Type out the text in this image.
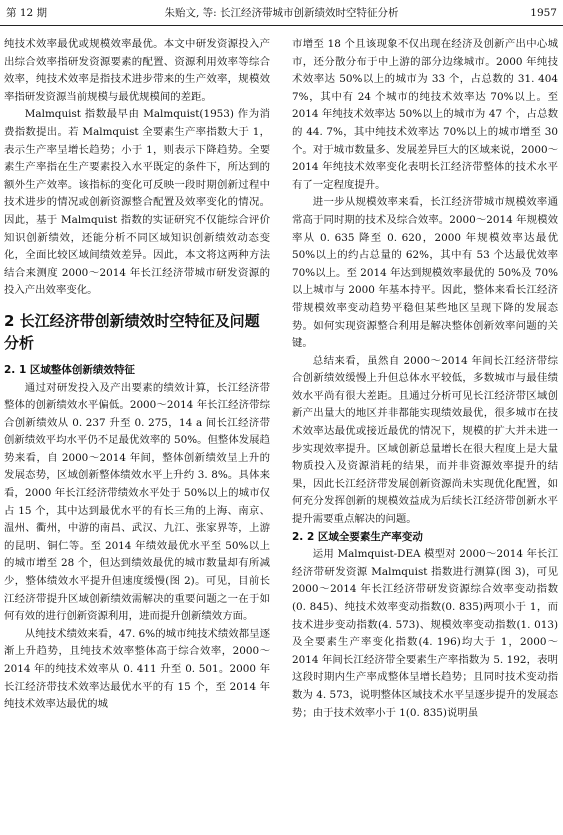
第 12 期	朱贻文, 等: 长江经济带城市创新绩效时空特征分析	1957

纯技术效率最优或规模效率最优。本文中研发资源投入产出综合效率指研发资源要素的配置、资源利用效率等综合效率，纯技术效率是指技术进步带来的生产效率，规模效率指研发资源当前规模与最优规模间的差距。

Malmquist 指数最早由 Malmquist(1953) 作为消费指数提出。若 Malmquist 全要素生产率指数大于 1，表示生产率呈增长趋势；小于 1，则表示下降趋势。全要素生产率指在生产要素投入水平既定的条件下，所达到的额外生产效率。该指标的变化可反映一段时期创新过程中技术进步的情况或创新资源整合配置及效率变化的情况。因此，基于 Malmquist 指数的实证研究不仅能综合评价知识创新绩效，还能分析不同区域知识创新绩效动态变化，全面比较区域间绩效差异。因此，本文将这两种方法结合来测度 2000～2014 年长江经济带城市研发资源的投入产出效率变化。

2 长江经济带创新绩效时空特征及问题分析
2. 1 区域整体创新绩效特征

通过对研发投入及产出要素的绩效计算，长江经济带整体的创新绩效水平偏低。2000～2014 年长江经济带综合创新绩效从 0. 237 升至 0. 275，14 a 间长江经济带创新绩效平均水平仍不足最优效率的 50%。但整体发展趋势来看，自 2000～2014 年间，整体创新绩效呈上升的发展态势，区域创新整体绩效水平上升约 3. 8%。具体来看，2000 年长江经济带绩效水平处于 50%以上的城市仅占 15 个，其中达到最优水平的有长三角的上海、南京、温州、衢州，中游的南昌、武汉、九江、张家界等，上游的昆明、铜仁等。至 2014 年绩效最优水平至 50%以上的城市增至 28 个，但达到绩效最优的城市数量却有所减少，整体绩效水平提升但速度缓慢(图 2)。可见，目前长江经济带提升区域创新绩效需解决的重要问题之一在于如何有效的进行创新资源利用，进而提升创新绩效方面。

从纯技术绩效来看，47. 6%的城市纯技术绩效都呈逐渐上升趋势，且纯技术效率整体高于综合效率，2000～2014 年的纯技术效率从 0. 411 升至 0. 501。2000 年长江经济带技术效率达最优水平的有 15 个，至 2014 年纯技术效率达最优的城

市增至 18 个且该现象不仅出现在经济及创新产出中心城市，还分散分布于中上游的部分边缘城市。2000 年纯技术效率达 50%以上的城市为 33 个，占总数的 31. 404 7%，其中有 24 个城市的纯技术效率达 70%以上。至 2014 年纯技术效率达 50%以上的城市为 47 个，占总数的 44. 7%，其中纯技术效率达 70%以上的城市增至 30 个。对于城市数量多、发展差异巨大的区域来说，2000～2014 年纯技术效率变化表明长江经济带整体的技术水平有了一定程度提升。

进一步从规模效率来看，长江经济带城市规模效率通常高于同时期的技术及综合效率。2000～2014 年规模效率从 0. 635 降至 0. 620，2000 年规模效率达最优 50%以上的约占总量的 62%，其中有 53 个达最优效率 70%以上。至 2014 年达到规模效率最优的 50%及 70%以上城市与 2000 年基本持平。因此，整体来看长江经济带规模效率变动趋势平稳但某些地区呈现下降的发展态势。如何实现资源整合利用是解决整体创新效率问题的关键。

总结来看，虽然自 2000～2014 年间长江经济带综合创新绩效缓慢上升但总体水平较低，多数城市与最佳绩效水平尚有很大差距。且通过分析可见长江经济带区域创新产出量大的地区并非都能实现绩效最优，很多城市在技术效率达最优或接近最优的情况下，规模的扩大并未进一步实现效率提升。区域创新总量增长在很大程度上是大量物质投入及资源消耗的结果，而并非资源效率提升的结果，因此长江经济带发展创新资源尚未实现优化配置，如何充分发挥创新的规模效益成为后续长江经济带创新水平提升需要重点解决的问题。

2. 2 区域全要素生产率变动

运用 Malmquist-DEA 模型对 2000～2014 年长江经济带研发资源 Malmquist 指数进行测算(图 3)，可见 2000～2014 年长江经济带研发资源综合效率变动指数(0. 845)、纯技术效率变动指数(0. 835)两项小于 1，而技术进步变动指数(4. 573)、规模效率变动指数(1. 013)及全要素生产率变化指数(4. 196)均大于 1，2000～2014 年间长江经济带全要素生产率指数为 5. 192，表明这段时期内生产率成整体呈增长趋势；且同时技术变动指数为 4. 573，说明整体区域技术水平呈逐步提升的发展态势；由于技术效率小于 1(0. 835)说明虽
